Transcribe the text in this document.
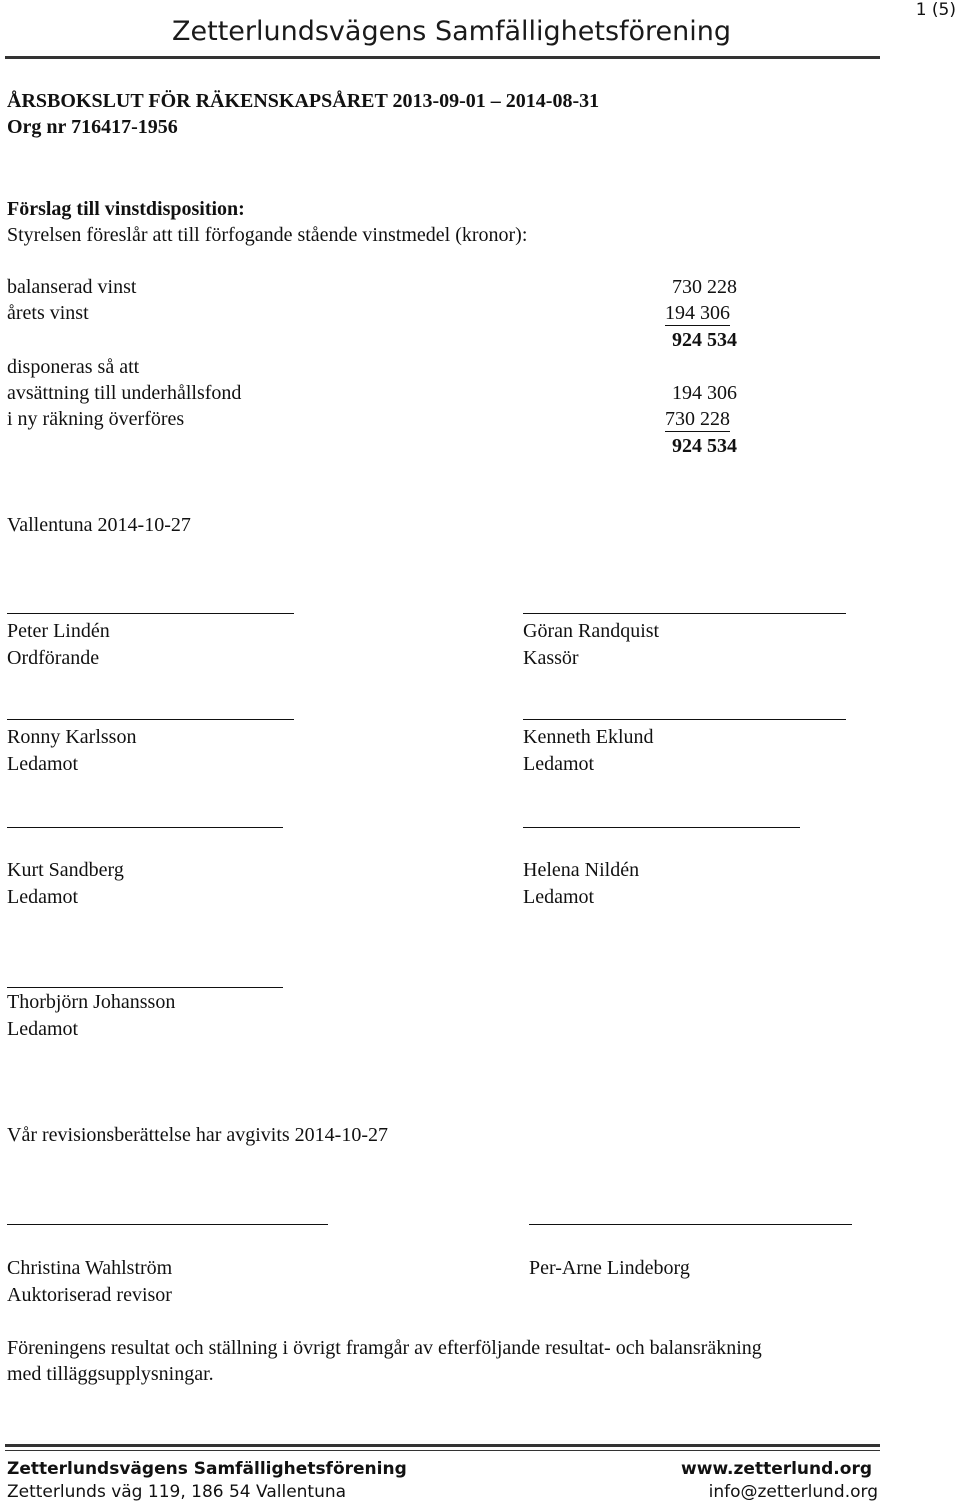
Zetterlundsvägens Samfällighetsförening
1 (5)
ÅRSBOKSLUT FÖR RÄKENSKAPSÅRET 2013-09-01 – 2014-08-31
Org nr 716417-1956
Förslag till vinstdisposition:
Styrelsen föreslår att till förfogande stående vinstmedel (kronor):
balanserad vinst	730 228
årets vinst	194 306
924 534
disponeras så att
avsättning till underhållsfond	194 306
i ny räkning överföres	730 228
924 534
Vallentuna 2014-10-27
Peter Lindén
Ordförande
Göran Randquist
Kassör
Ronny Karlsson
Ledamot
Kenneth Eklund
Ledamot
Kurt Sandberg
Ledamot
Helena Nildén
Ledamot
Thorbjörn Johansson
Ledamot
Vår revisionsberättelse har avgivits 2014-10-27
Christina Wahlström
Auktoriserad revisor
Per-Arne Lindeborg
Föreningens resultat och ställning i övrigt framgår av efterföljande resultat- och balansräkning
med tilläggsupplysningar.
Zetterlundsvägens Samfällighetsförening	www.zetterlund.org
Zetterlunds väg 119, 186 54 Vallentuna	info@zetterlund.org
